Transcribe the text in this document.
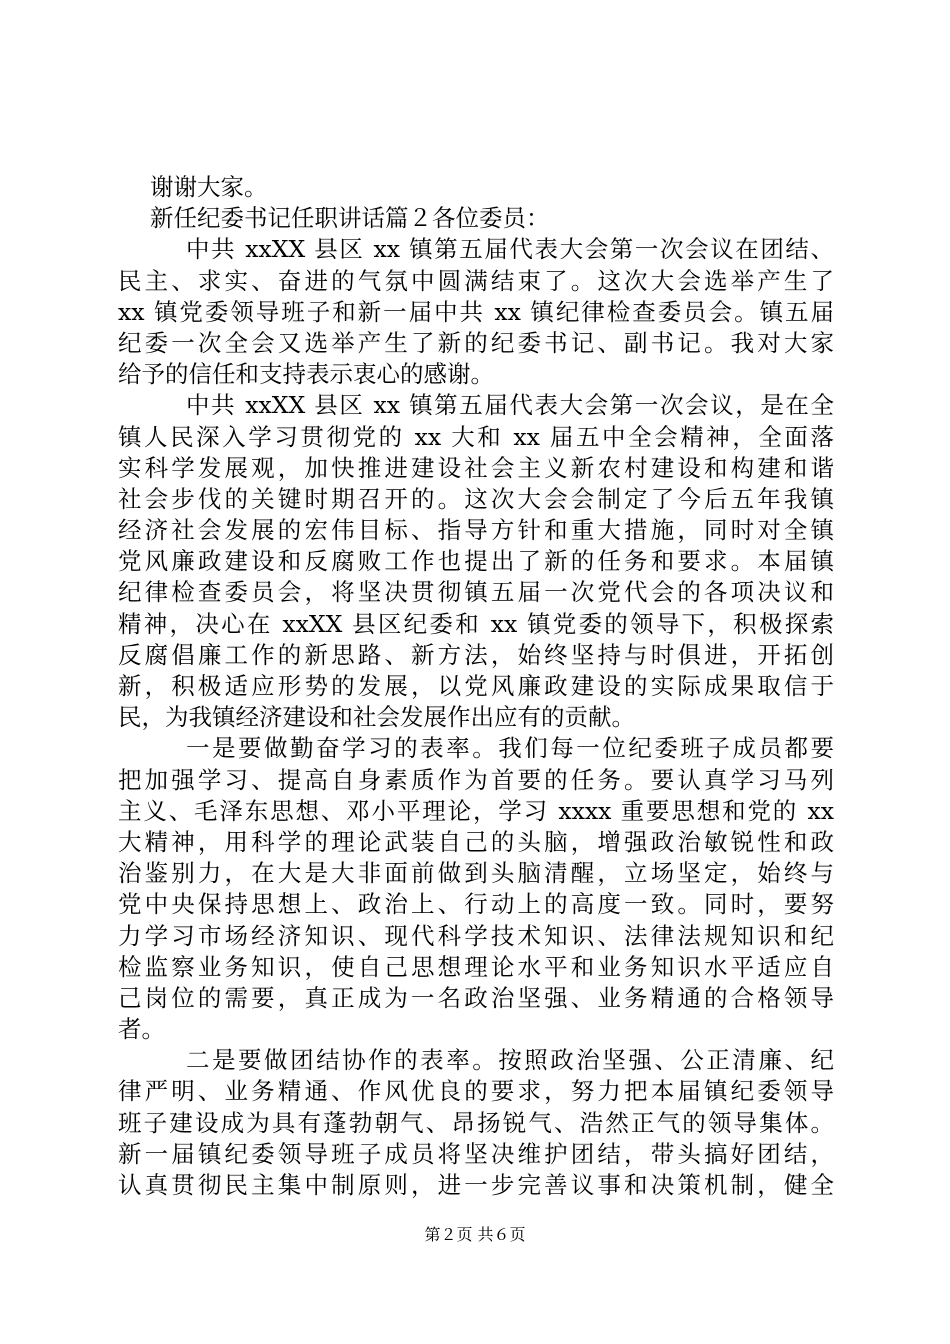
谢谢大家。
新任纪委书记任职讲话篇２各位委员：
中共 xxXX 县区 xx 镇第五届代表大会第一次会议在团结、
民主、求实、奋进的气氛中圆满结束了。这次大会选举产生了
xx 镇党委领导班子和新一届中共 xx 镇纪律检查委员会。镇五届
纪委一次全会又选举产生了新的纪委书记、副书记。我对大家
给予的信任和支持表示衷心的感谢。
中共 xxXX 县区 xx 镇第五届代表大会第一次会议，是在全
镇人民深入学习贯彻党的 xx 大和 xx 届五中全会精神，全面落
实科学发展观，加快推进建设社会主义新农村建设和构建和谐
社会步伐的关键时期召开的。这次大会会制定了今后五年我镇
经济社会发展的宏伟目标、指导方针和重大措施，同时对全镇
党风廉政建设和反腐败工作也提出了新的任务和要求。本届镇
纪律检查委员会，将坚决贯彻镇五届一次党代会的各项决议和
精神，决心在 xxXX 县区纪委和 xx 镇党委的领导下，积极探索
反腐倡廉工作的新思路、新方法，始终坚持与时俱进，开拓创
新，积极适应形势的发展，以党风廉政建设的实际成果取信于
民，为我镇经济建设和社会发展作出应有的贡献。
一是要做勤奋学习的表率。我们每一位纪委班子成员都要
把加强学习、提高自身素质作为首要的任务。要认真学习马列
主义、毛泽东思想、邓小平理论，学习 xxxx 重要思想和党的 xx
大精神，用科学的理论武装自己的头脑，增强政治敏锐性和政
治鉴别力，在大是大非面前做到头脑清醒，立场坚定，始终与
党中央保持思想上、政治上、行动上的高度一致。同时，要努
力学习市场经济知识、现代科学技术知识、法律法规知识和纪
检监察业务知识，使自己思想理论水平和业务知识水平适应自
己岗位的需要，真正成为一名政治坚强、业务精通的合格领导
者。
二是要做团结协作的表率。按照政治坚强、公正清廉、纪
律严明、业务精通、作风优良的要求，努力把本届镇纪委领导
班子建设成为具有蓬勃朝气、昂扬锐气、浩然正气的领导集体。
新一届镇纪委领导班子成员将坚决维护团结，带头搞好团结，
认真贯彻民主集中制原则，进一步完善议事和决策机制，健全
第２页 共６页
